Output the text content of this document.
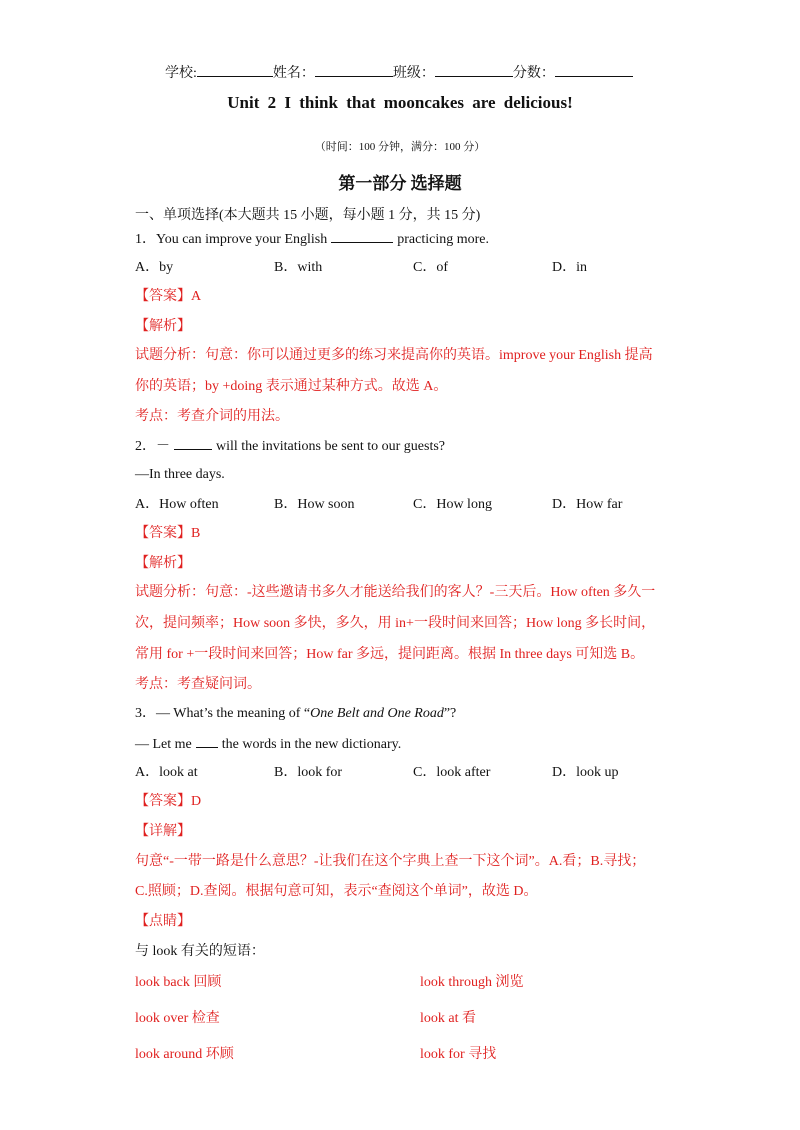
学校:	姓名：	班级：	分数：
Unit 2 I think that mooncakes are delicious!
（时间：100 分钟，满分：100 分）
第一部分 选择题
一、单项选择(本大题共 15 小题，每小题 1 分，共 15 分)
1．You can improve your English	practicing more.
A．by	B．with	C．of	D．in
【答案】A
【解析】
试题分析：句意：你可以通过更多的练习来提高你的英语。improve your English 提高
你的英语；by +doing 表示通过某种方式。故选 A。
考点：考查介词的用法。
2．－	will the invitations be sent to our guests?
—In three days.
A．How often	B．How soon	C．How long	D．How far
【答案】B
【解析】
试题分析：句意：-这些邀请书多久才能送给我们的客人？-三天后。How often 多久一
次，提问频率；How soon 多快，多久，用 in+一段时间来回答；How long 多长时间，
常用 for +一段时间来回答；How far 多远，提问距离。根据 In three days 可知选 B。
考点：考查疑问词。
3．— What’s the meaning of “One Belt and One Road”?
— Let me the words in the new dictionary.
A．look at	B．look for	C．look after	D．look up
【答案】D
【详解】
句意“-一带一路是什么意思？-让我们在这个字典上查一下这个词”。A.看；B.寻找；
C.照顾；D.查阅。根据句意可知，表示“查阅这个单词”，故选 D。
【点睛】
与 look 有关的短语：
look back 回顾	look through 浏览
look over 检查	look at 看
look around 环顾	look for 寻找
